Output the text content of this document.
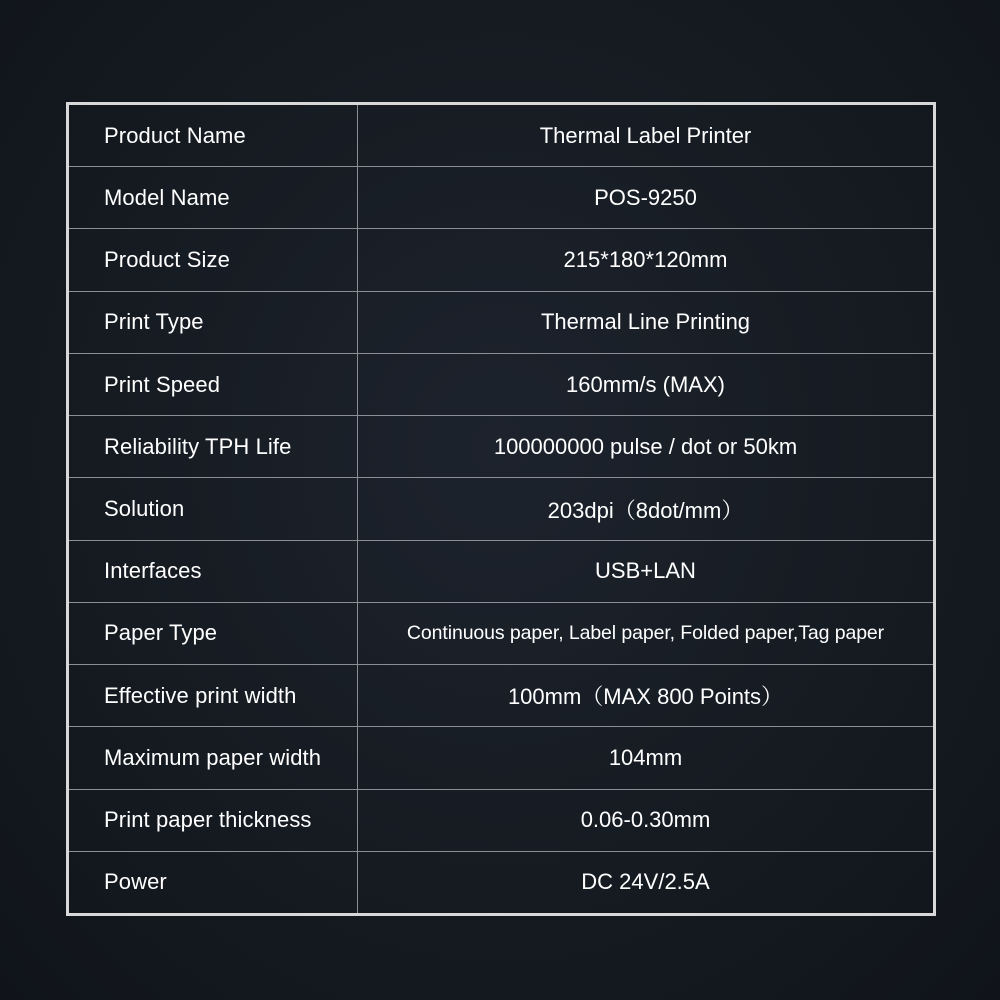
Product Name	Thermal Label Printer
Model Name	POS-9250
Product Size	215*180*120mm
Print Type	Thermal Line Printing
Print Speed	160mm/s (MAX)
Reliability TPH Life	100000000 pulse / dot or 50km
Solution	203dpi（8dot/mm）
Interfaces	USB+LAN
Paper Type	Continuous paper, Label paper, Folded paper,Tag paper
Effective print width	100mm（MAX 800 Points）
Maximum paper width	104mm
Print paper thickness	0.06-0.30mm
Power	DC 24V/2.5A
